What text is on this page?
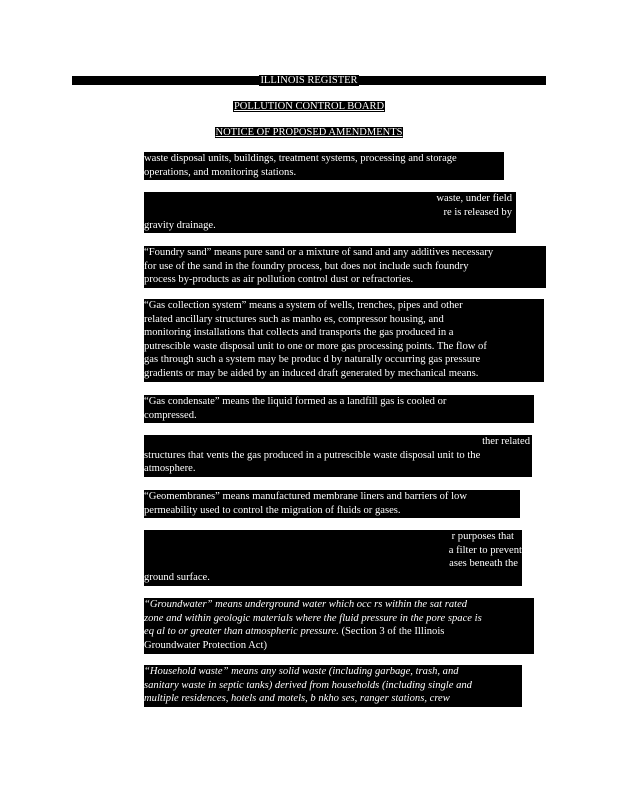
ILLINOIS REGISTER
POLLUTION CONTROL BOARD
NOTICE OF PROPOSED AMENDMENTS
waste disposal units, buildings, treatment systems, processing and storage
operations, and monitoring stations.
waste, under field
re is released by
gravity drainage.
“Foundry sand” means pure sand or a mixture of sand and any additives necessary
for use of the sand in the foundry process, but does not include such foundry
process by-products as air pollution control dust or refractories.
“Gas collection system” means a system of wells, trenches, pipes and other
related ancillary structures such as manho es, compressor housing, and
monitoring installations that collects and transports the gas produced in a
putrescible waste disposal unit to one or more gas processing points. The flow of
gas through such a system may be produc d by naturally occurring gas pressure
gradients or may be aided by an induced draft generated by mechanical means.
“Gas condensate” means the liquid formed as a landfill gas is cooled or
compressed.
ther related
structures that vents the gas produced in a putrescible waste disposal unit to the
atmosphere.
“Geomembranes” means manufactured membrane liners and barriers of low
permeability used to control the migration of fluids or gases.
r purposes that
a filter to prevent
ases beneath the
ground surface.
“Groundwater” means underground water which occ rs within the sat rated
zone and within geologic materials where the fluid pressure in the pore space is
eq al to or greater than atmospheric pressure. (Section 3 of the Illinois
Groundwater Protection Act)
“Household waste” means any solid waste (including garbage, trash, and
sanitary waste in septic tanks) derived from households (including single and
multiple residences, hotels and motels, b nkho ses, ranger stations, crew
